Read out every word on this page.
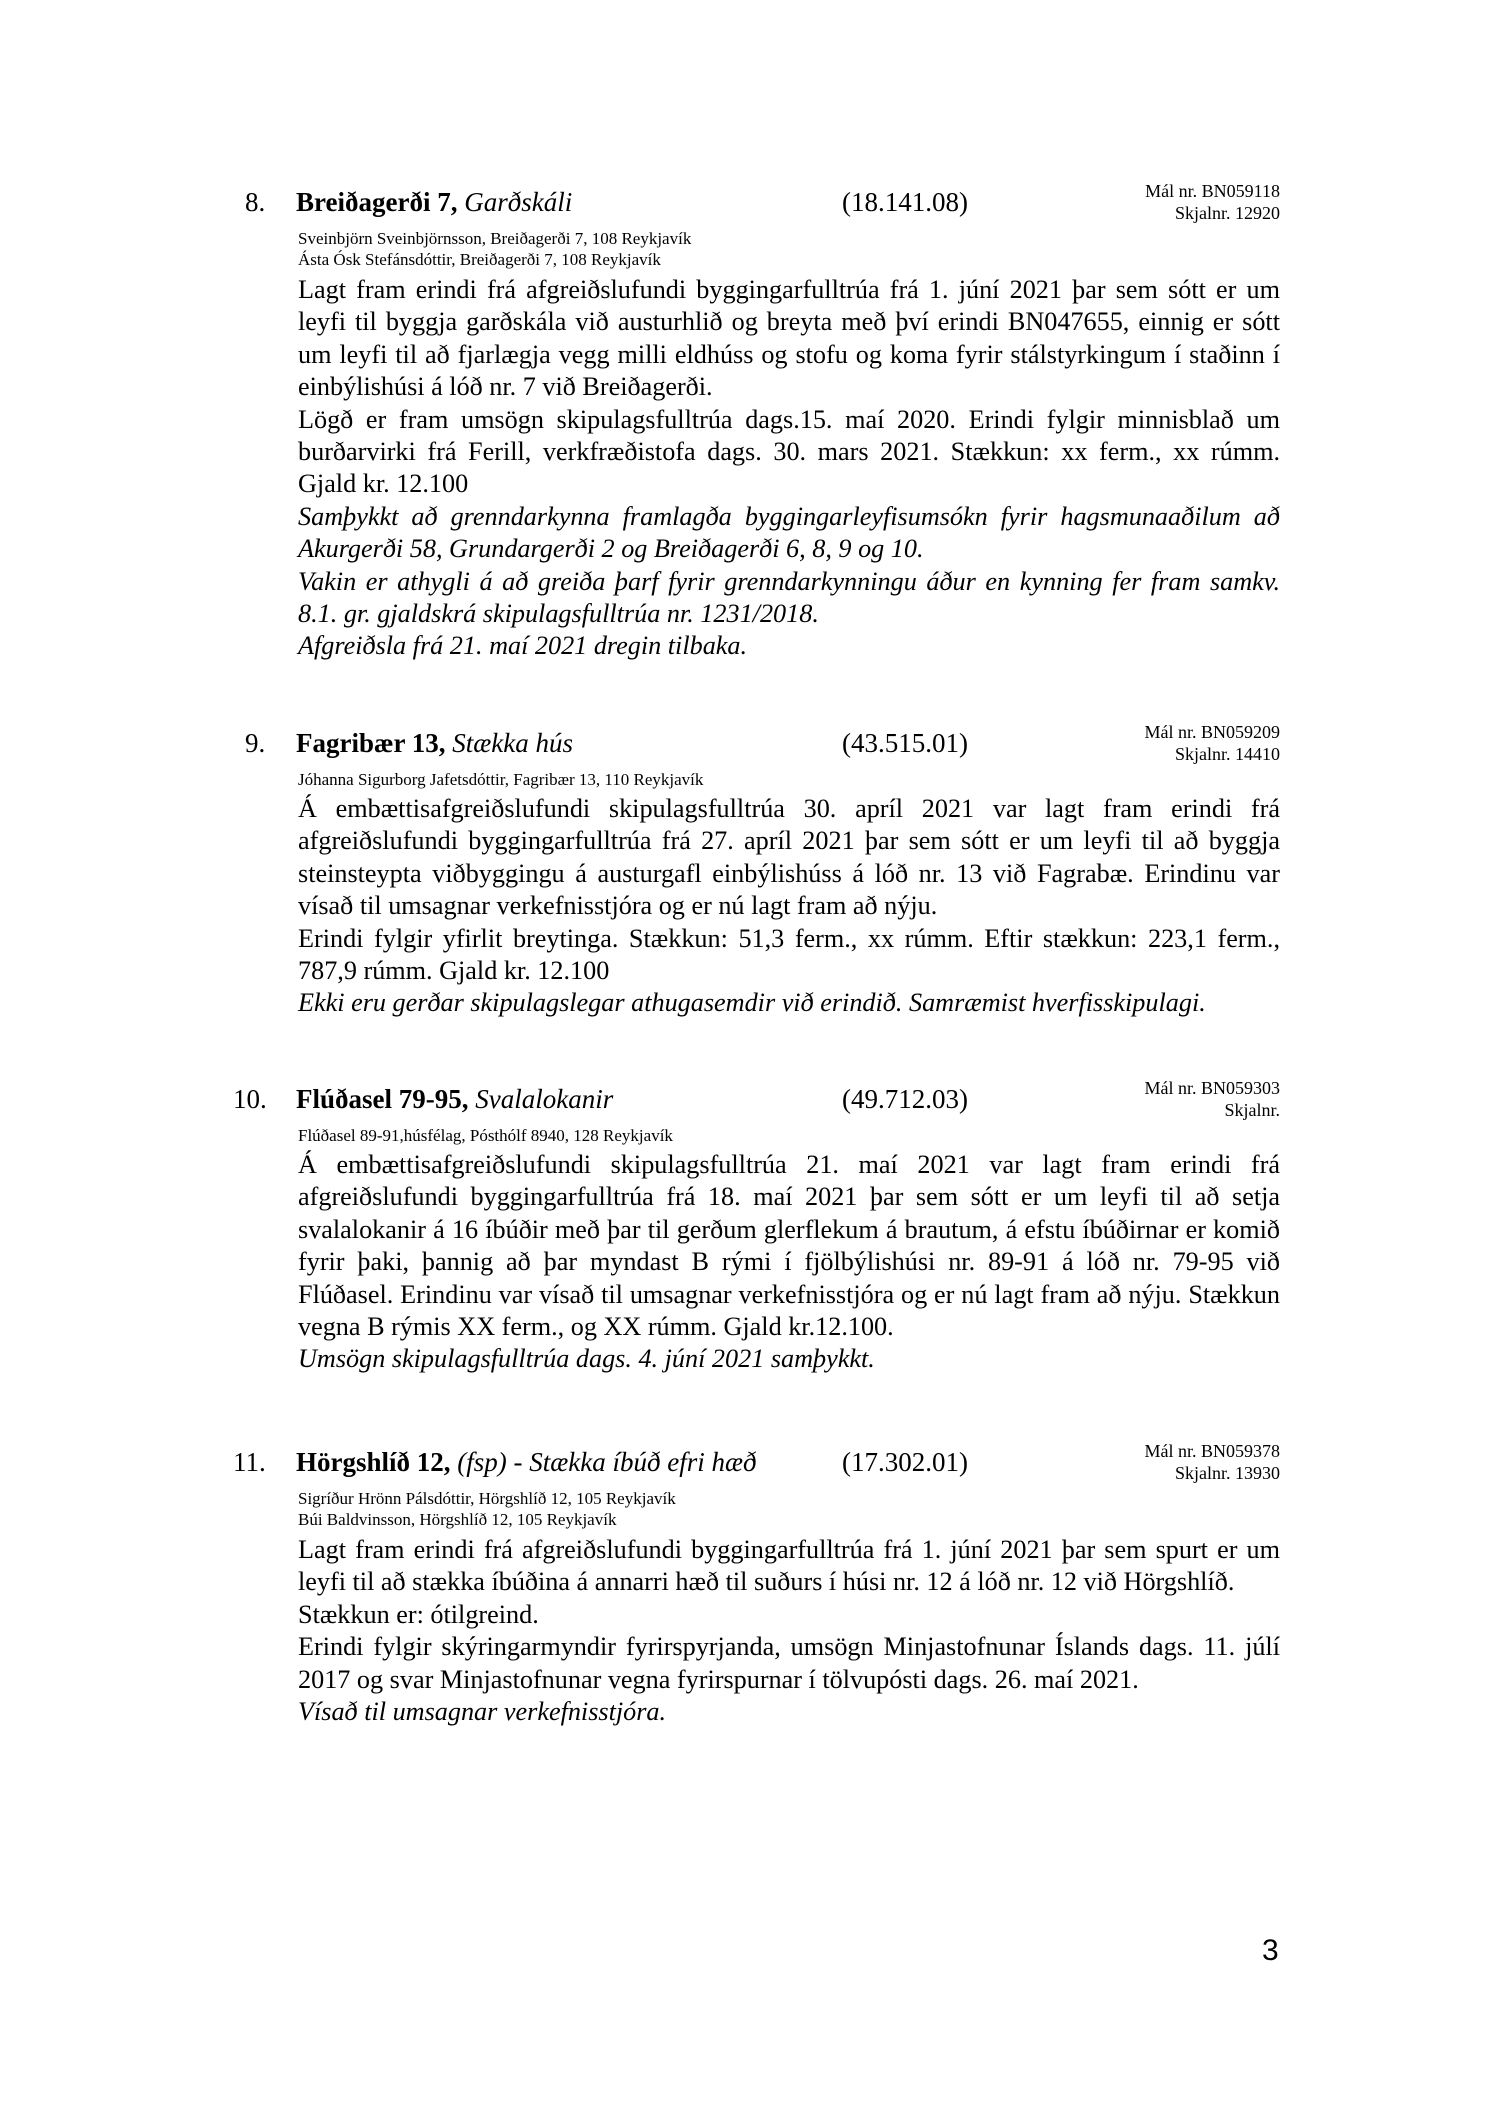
8.	Breiðagerði 7, Garðskáli	(18.141.08)	Mál nr. BN059118
Skjalnr. 12920
Sveinbjörn Sveinbjörnsson, Breiðagerði 7, 108 Reykjavík
Ásta Ósk Stefánsdóttir, Breiðagerði 7, 108 Reykjavík
Lagt fram erindi frá afgreiðslufundi byggingarfulltrúa frá 1. júní 2021 þar sem sótt er um leyfi til byggja garðskála við austurhlið og breyta með því erindi BN047655, einnig er sótt um leyfi til að fjarlægja vegg milli eldhúss og stofu og koma fyrir stálstyrkingum í staðinn í einbýlishúsi á lóð nr. 7 við Breiðagerði.
Lögð er fram umsögn skipulagsfulltrúa dags.15. maí 2020. Erindi fylgir minnisblað um burðarvirki frá Ferill, verkfræðistofa dags. 30. mars 2021. Stækkun: xx ferm., xx rúmm. Gjald kr. 12.100
Samþykkt að grenndarkynna framlagða byggingarleyfisumsókn fyrir hagsmunaaðilum að Akurgerði 58, Grundargerði 2 og Breiðagerði 6, 8, 9 og 10.
Vakin er athygli á að greiða þarf fyrir grenndarkynningu áður en kynning fer fram samkv. 8.1. gr. gjaldskrá skipulagsfulltrúa nr. 1231/2018.
Afgreiðsla frá 21. maí 2021 dregin tilbaka.
9.	Fagribær 13, Stækka hús	(43.515.01)	Mál nr. BN059209
Skjalnr. 14410
Jóhanna Sigurborg Jafetsdóttir, Fagribær 13, 110 Reykjavík
Á embættisafgreiðslufundi skipulagsfulltrúa 30. apríl 2021 var lagt fram erindi frá afgreiðslufundi byggingarfulltrúa frá 27. apríl 2021 þar sem sótt er um leyfi til að byggja steinsteypta viðbyggingu á austurgafl einbýlishúss á lóð nr. 13 við Fagrabæ. Erindinu var vísað til umsagnar verkefnisstjóra og er nú lagt fram að nýju.
Erindi fylgir yfirlit breytinga. Stækkun: 51,3 ferm., xx rúmm. Eftir stækkun: 223,1 ferm., 787,9 rúmm. Gjald kr. 12.100
Ekki eru gerðar skipulagslegar athugasemdir við erindið. Samræmist hverfisskipulagi.
10.	Flúðasel 79-95, Svalalokanir	(49.712.03)	Mál nr. BN059303
Skjalnr.
Flúðasel 89-91,húsfélag, Pósthólf 8940, 128 Reykjavík
Á embættisafgreiðslufundi skipulagsfulltrúa 21. maí 2021 var lagt fram erindi frá afgreiðslufundi byggingarfulltrúa frá 18. maí 2021 þar sem sótt er um leyfi til að setja svalalokanir á 16 íbúðir með þar til gerðum glerflekum á brautum, á efstu íbúðirnar er komið fyrir þaki, þannig að þar myndast B rými í fjölbýlishúsi nr. 89-91 á lóð nr. 79-95 við Flúðasel. Erindinu var vísað til umsagnar verkefnisstjóra og er nú lagt fram að nýju. Stækkun vegna B rýmis XX ferm., og XX rúmm. Gjald kr.12.100.
Umsögn skipulagsfulltrúa dags. 4. júní 2021 samþykkt.
11.	Hörgshlíð 12, (fsp) - Stækka íbúð efri hæð	(17.302.01)	Mál nr. BN059378
Skjalnr. 13930
Sigríður Hrönn Pálsdóttir, Hörgshlíð 12, 105 Reykjavík
Búi Baldvinsson, Hörgshlíð 12, 105 Reykjavík
Lagt fram erindi frá afgreiðslufundi byggingarfulltrúa frá 1. júní 2021 þar sem spurt er um leyfi til að stækka íbúðina á annarri hæð til suðurs í húsi nr. 12 á lóð nr. 12 við Hörgshlíð.
Stækkun er: ótilgreind.
Erindi fylgir skýringarmyndir fyrirspyrjanda, umsögn Minjastofnunar Íslands dags. 11. júlí 2017 og svar Minjastofnunar vegna fyrirspurnar í tölvupósti dags. 26. maí 2021.
Vísað til umsagnar verkefnisstjóra.
3
